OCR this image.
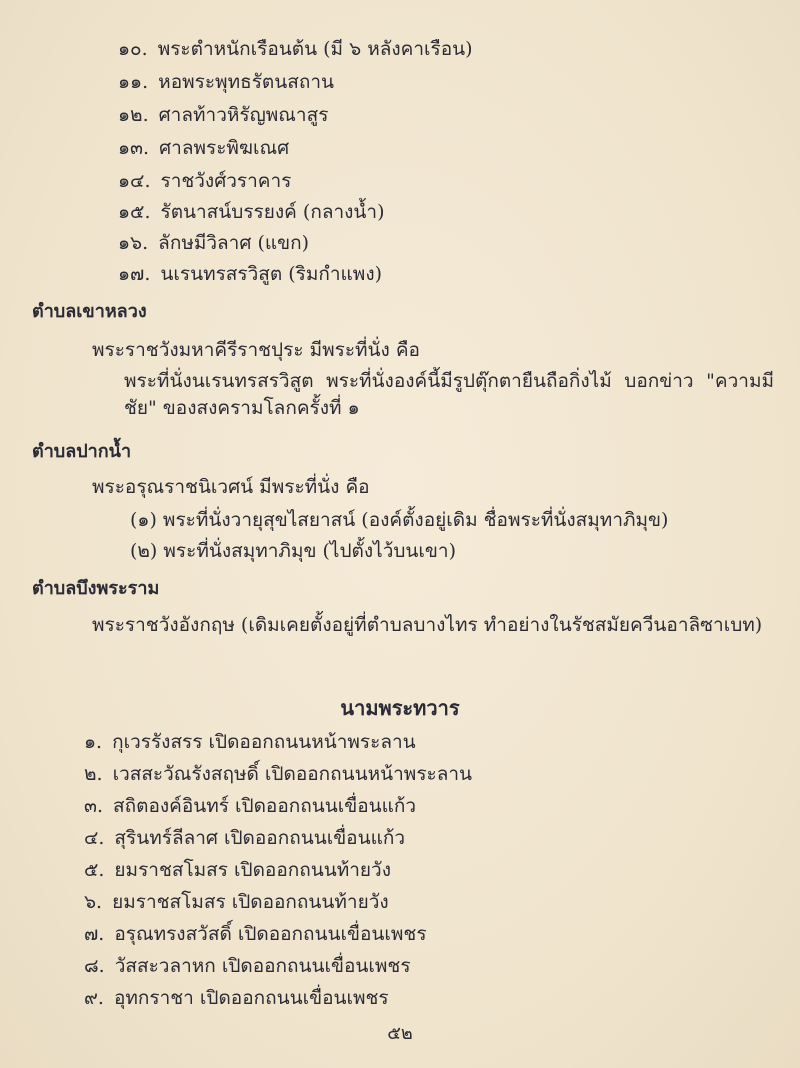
๑๐. พระตำหนักเรือนต้น (มี ๖ หลังคาเรือน)
๑๑. หอพระพุทธรัตนสถาน
๑๒. ศาลท้าวหิรัญพณาสูร
๑๓. ศาลพระพิฆเณศ
๑๔. ราชวังศ์วราคาร
๑๕. รัตนาสน์บรรยงค์ (กลางน้ำ)
๑๖. ลักษมีวิลาศ (แขก)
๑๗. นเรนทรสรวิสูต (ริมกำแพง)
ตำบลเขาหลวง
พระราชวังมหาคีรีราชปุระ มีพระที่นั่ง คือ
พระที่นั่งนเรนทรสรวิสูต พระที่นั่งองค์นี้มีรูปตุ๊กตายืนถือกิ่งไม้ บอกข่าว "ความมีชัย" ของสงครามโลกครั้งที่ ๑
ตำบลปากน้ำ
พระอรุณราชนิเวศน์ มีพระที่นั่ง คือ
(๑) พระที่นั่งวายุสุขไสยาสน์ (องค์ตั้งอยู่เดิม ชื่อพระที่นั่งสมุทาภิมุข)
(๒) พระที่นั่งสมุทาภิมุข (ไปตั้งไว้บนเขา)
ตำบลบึงพระราม
พระราชวังอังกฤษ (เดิมเคยตั้งอยู่ที่ตำบลบางไทร ทำอย่างในรัชสมัยควีนอาลิซาเบท)
นามพระทวาร
๑. กุเวรรังสรร เปิดออกถนนหน้าพระลาน
๒. เวสสะวัณรังสฤษดิ์ เปิดออกถนนหน้าพระลาน
๓. สถิตองค์อินทร์ เปิดออกถนนเขื่อนแก้ว
๔. สุรินทร์ลีลาศ เปิดออกถนนเขื่อนแก้ว
๕. ยมราชสโมสร เปิดออกถนนท้ายวัง
๖. ยมราชสโมสร เปิดออกถนนท้ายวัง
๗. อรุณทรงสวัสดิ์ เปิดออกถนนเขื่อนเพชร
๘. วัสสะวลาหก เปิดออกถนนเขื่อนเพชร
๙. อุทกราชา เปิดออกถนนเขื่อนเพชร
๕๒
